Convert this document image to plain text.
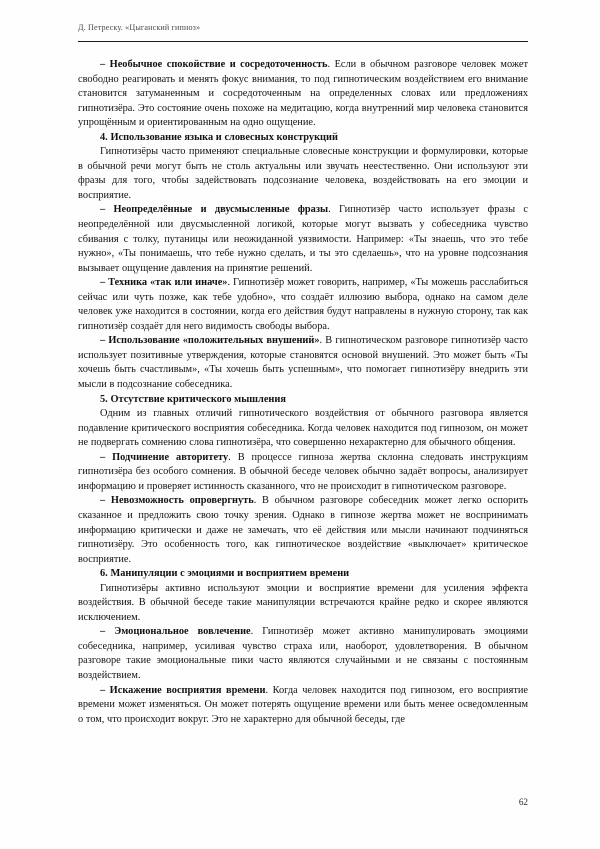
Д. Петреску. «Цыганский гипноз»

– Необычное спокойствие и сосредоточенность. Если в обычном разговоре человек может свободно реагировать и менять фокус внимания, то под гипнотическим воздействием его внимание становится затуманенным и сосредоточенным на определенных словах или предложениях гипнотизёра. Это состояние очень похоже на медитацию, когда внутренний мир человека становится упрощённым и ориентированным на одно ощущение.

4. Использование языка и словесных конструкций

Гипнотизёры часто применяют специальные словесные конструкции и формулировки, которые в обычной речи могут быть не столь актуальны или звучать неестественно. Они используют эти фразы для того, чтобы задействовать подсознание человека, воздействовать на его эмоции и восприятие.

– Неопределённые и двусмысленные фразы. Гипнотизёр часто использует фразы с неопределённой или двусмысленной логикой, которые могут вызвать у собеседника чувство сбивания с толку, путаницы или неожиданной уязвимости. Например: «Ты знаешь, что это тебе нужно», «Ты понимаешь, что тебе нужно сделать, и ты это сделаешь», что на уровне подсознания вызывает ощущение давления на принятие решений.

– Техника «так или иначе». Гипнотизёр может говорить, например, «Ты можешь расслабиться сейчас или чуть позже, как тебе удобно», что создаёт иллюзию выбора, однако на самом деле человек уже находится в состоянии, когда его действия будут направлены в нужную сторону, так как гипнотизёр создаёт для него видимость свободы выбора.

– Использование «положительных внушений». В гипнотическом разговоре гипнотизёр часто использует позитивные утверждения, которые становятся основой внушений. Это может быть «Ты хочешь быть счастливым», «Ты хочешь быть успешным», что помогает гипнотизёру внедрить эти мысли в подсознание собеседника.

5. Отсутствие критического мышления

Одним из главных отличий гипнотического воздействия от обычного разговора является подавление критического восприятия собеседника. Когда человек находится под гипнозом, он может не подвергать сомнению слова гипнотизёра, что совершенно нехарактерно для обычного общения.

– Подчинение авторитету. В процессе гипноза жертва склонна следовать инструкциям гипнотизёра без особого сомнения. В обычной беседе человек обычно задаёт вопросы, анализирует информацию и проверяет истинность сказанного, что не происходит в гипнотическом разговоре.

– Невозможность опровергнуть. В обычном разговоре собеседник может легко оспорить сказанное и предложить свою точку зрения. Однако в гипнозе жертва может не воспринимать информацию критически и даже не замечать, что её действия или мысли начинают подчиняться гипнотизёру. Это особенность того, как гипнотическое воздействие «выключает» критическое восприятие.

6. Манипуляции с эмоциями и восприятием времени

Гипнотизёры активно используют эмоции и восприятие времени для усиления эффекта воздействия. В обычной беседе такие манипуляции встречаются крайне редко и скорее являются исключением.

– Эмоциональное вовлечение. Гипнотизёр может активно манипулировать эмоциями собеседника, например, усиливая чувство страха или, наоборот, удовлетворения. В обычном разговоре такие эмоциональные пики часто являются случайными и не связаны с постоянным воздействием.

– Искажение восприятия времени. Когда человек находится под гипнозом, его восприятие времени может изменяться. Он может потерять ощущение времени или быть менее осведомленным о том, что происходит вокруг. Это не характерно для обычной беседы, где

62
